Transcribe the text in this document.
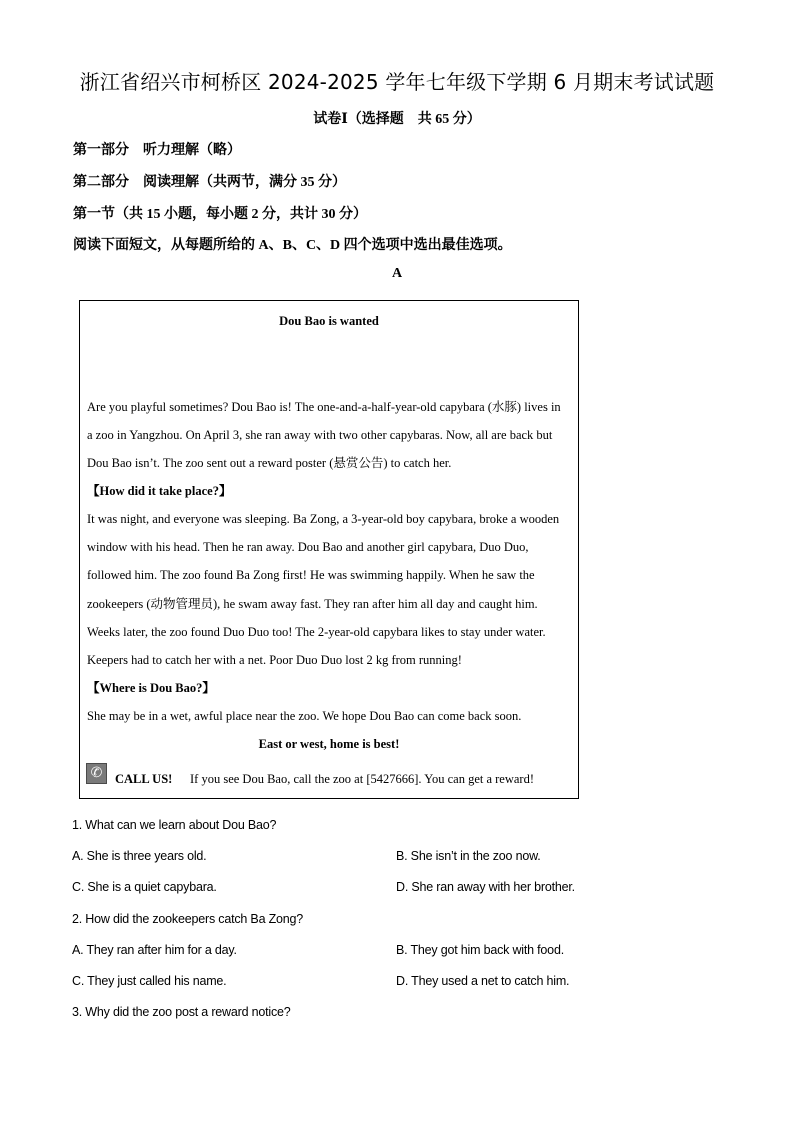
浙江省绍兴市柯桥区 2024-2025 学年七年级下学期 6 月期末考试试题
试卷Ⅰ（选择题　共 65 分）
第一部分　听力理解（略）
第二部分　阅读理解（共两节，满分 35 分）
第一节（共 15 小题，每小题 2 分，共计 30 分）
阅读下面短文，从每题所给的 A、B、C、D 四个选项中选出最佳选项。
A
Dou Bao is wanted
Are you playful sometimes? Dou Bao is! The one-and-a-half-year-old capybara (水豚) lives in a zoo in Yangzhou. On April 3, she ran away with two other capybaras. Now, all are back but Dou Bao isn’t. The zoo sent out a reward poster (悬赏公告) to catch her.
【How did it take place?】
It was night, and everyone was sleeping. Ba Zong, a 3-year-old boy capybara, broke a wooden window with his head. Then he ran away. Dou Bao and another girl capybara, Duo Duo, followed him. The zoo found Ba Zong first! He was swimming happily. When he saw the zookeepers (动物管理员), he swam away fast. They ran after him all day and caught him. Weeks later, the zoo found Duo Duo too! The 2-year-old capybara likes to stay under water. Keepers had to catch her with a net. Poor Duo Duo lost 2 kg from running!
【Where is Dou Bao?】
She may be in a wet, awful place near the zoo. We hope Dou Bao can come back soon.
East or west, home is best!
✆	CALL US! If you see Dou Bao, call the zoo at [5427666]. You can get a reward!
1. What can we learn about Dou Bao?
A. She is three years old.	B. She isn’t in the zoo now.
C. She is a quiet capybara.	D. She ran away with her brother.
2. How did the zookeepers catch Ba Zong?
A. They ran after him for a day.	B. They got him back with food.
C. They just called his name.	D. They used a net to catch him.
3. Why did the zoo post a reward notice?
